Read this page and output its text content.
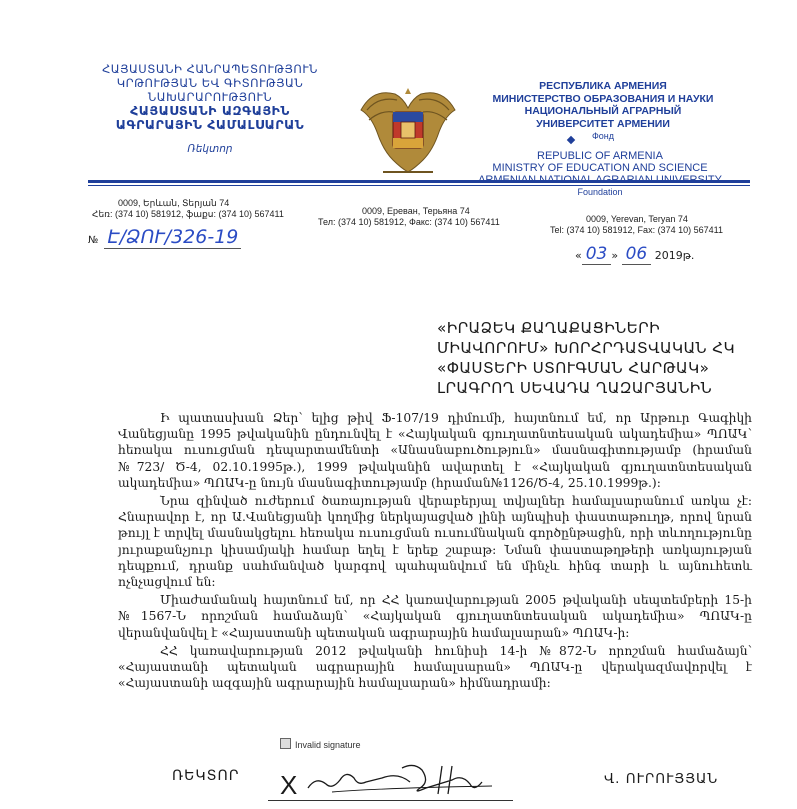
ՀԱՅԱՍՏԱՆԻ ՀԱՆՐԱՊԵՏՈՒԹՅՈՒՆ
ԿՐԹՈՒԹՅԱՆ ԵՎ ԳԻՏՈՒԹՅԱՆ
ՆԱԽԱՐԱՐՈՒԹՅՈՒՆ
ՀԱՅԱՍՏԱՆԻ ԱԶԳԱՅԻՆ
ԱԳՐԱՐԱՅԻՆ ՀԱՄԱԼՍԱՐԱՆ
Ռեկտոր
РЕСПУБЛИКА АРМЕНИЯ
МИНИСТЕРСТВО ОБРАЗОВАНИЯ И НАУКИ
НАЦИОНАЛЬНЫЙ АГРАРНЫЙ
УНИВЕРСИТЕТ АРМЕНИИ
Фонд
REPUBLIC OF ARMENIA
MINISTRY OF EDUCATION AND SCIENCE
Foundation
0009, Երևան, Տերյան 74
Հեռ: (374 10) 581912, ֆաքս: (374 10) 567411	0009, Ереван, Терьяна 74
Тел: (374 10) 581912, Факс: (374 10) 567411	0009, Yerevan, Teryan 74
Tel: (374 10) 581912, Fax: (374 10) 567411
№ Է/ՁՈՒ/326-19
« 03 » 06 2019թ.
«ԻՐԱՁԵԿ ՔԱՂԱՔԱՑԻՆԵՐԻ
ՄԻԱՎՈՐՈՒՄ» ԽՈՐՀՐԴԱՏՎԱԿԱՆ ՀԿ
«ՓԱՍՏԵՐԻ ՍՏՈՒԳՄԱՆ ՀԱՐԹԱԿ»
ԼՐԱԳՐՈՂ ՍԵՎԱԴԱ ՂԱԶԱՐՅԱՆԻՆ

Ի պատասխան Ձեր՝ ելից թիվ Ֆ-107/19 դիմումի, հայտնում եմ, որ Արթուր Գագիկի Վանեցյանը 1995 թվականին ընդունվել է «Հայկական գյուղատնտեսական ակադեմիա» ՊՈԱԿ՝ հեռակա ուսուցման դեպարտամենտի «Անասնաբուծություն» մասնագիտությամբ (հրաման №723/ Ծ-4, 02.10.1995թ.), 1999 թվականին ավարտել է «Հայկական գյուղատնտեսական ակադեմիա» ՊՈԱԿ-ը նույն մասնագիտությամբ (հրաման№1126/Ծ-4, 25.10.1999թ.):

Նրա զինված ուժերում ծառայության վերաբերյալ տվյալներ համալսարանում առկա չէ: Հնարավոր է, որ Ա.Վանեցյանի կողմից ներկայացված լինի այնպիսի փաստաթուղթ, որով նրան թույլ է տրվել մասնակցելու հեռակա ուսուցման ուսումնական գործընթացին, որի տևողությունը յուրաքանչյուր կիսամյակի համար եղել է երեք շաբաթ: Նման փաստաթղթերի առկայության դեպքում, դրանք սահմանված կարգով պահպանվում են մինչև հինգ տարի և այնուհետև ոչնչացվում են:

Միաժամանակ հայտնում եմ, որ ՀՀ կառավարության 2005 թվականի սեպտեմբերի 15-ի №1567-Ն որոշման համաձայն՝ «Հայկական գյուղատնտեսական ակադեմիա» ՊՈԱԿ-ը վերանվանվել է «Հայաստանի պետական ագրարային համալսարան» ՊՈԱԿ-ի:

ՀՀ կառավարության 2012 թվականի հունիսի 14-ի №872-Ն որոշման համաձայն՝ «Հայաստանի պետական ագրարային համալսարան» ՊՈԱԿ-ը վերակազմավորվել է «Հայաստանի ազգային ագրարային համալսարան» հիմնադրամի:

Invalid signature
ՌԵԿՏՈՐ X	Վ. ՈՒՐՈՒՅՅԱՆ
